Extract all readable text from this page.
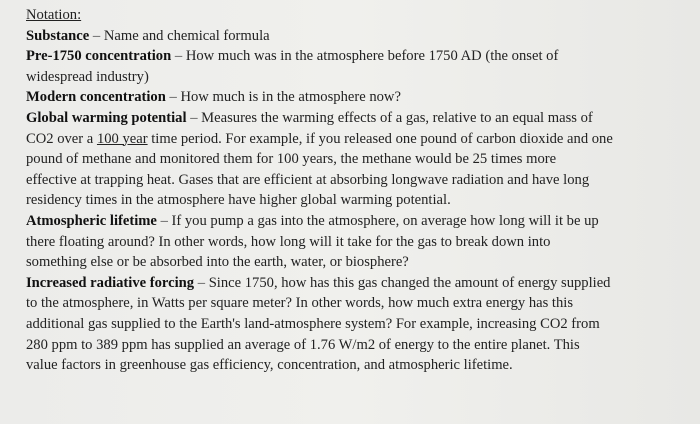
Notation:
Substance – Name and chemical formula
Pre-1750 concentration – How much was in the atmosphere before 1750 AD (the onset of
widespread industry)
Modern concentration – How much is in the atmosphere now?
Global warming potential – Measures the warming effects of a gas, relative to an equal mass of
CO2 over a 100 year time period. For example, if you released one pound of carbon dioxide and one
pound of methane and monitored them for 100 years, the methane would be 25 times more
effective at trapping heat. Gases that are efficient at absorbing longwave radiation and have long
residency times in the atmosphere have higher global warming potential.
Atmospheric lifetime – If you pump a gas into the atmosphere, on average how long will it be up
there floating around? In other words, how long will it take for the gas to break down into
something else or be absorbed into the earth, water, or biosphere?
Increased radiative forcing – Since 1750, how has this gas changed the amount of energy supplied
to the atmosphere, in Watts per square meter? In other words, how much extra energy has this
additional gas supplied to the Earth's land-atmosphere system? For example, increasing CO2 from
280 ppm to 389 ppm has supplied an average of 1.76 W/m2 of energy to the entire planet. This
value factors in greenhouse gas efficiency, concentration, and atmospheric lifetime.
